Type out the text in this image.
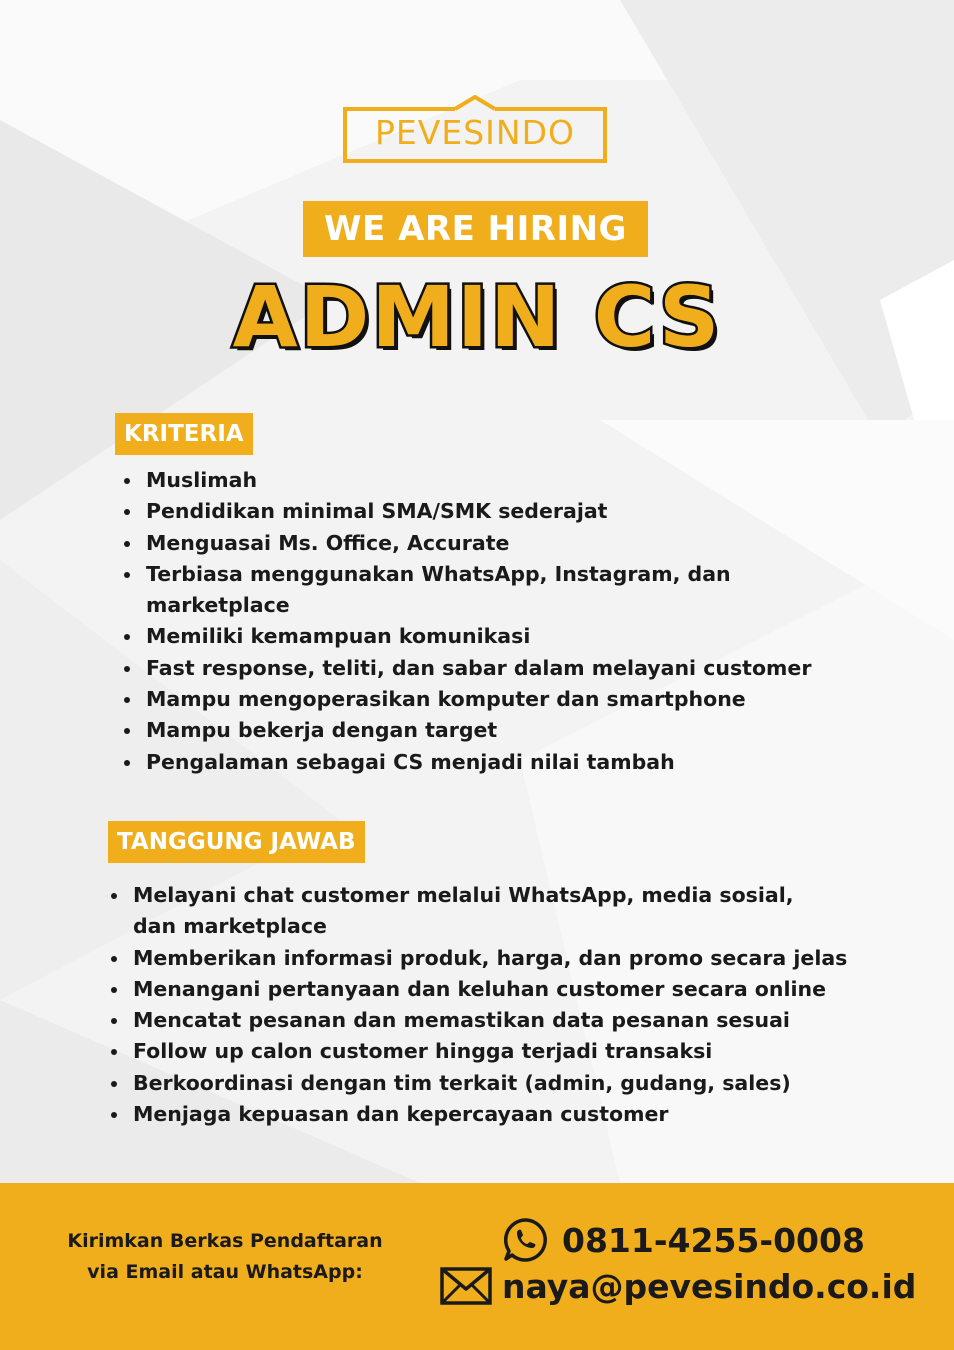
PEVESINDO
WE ARE HIRING
ADMIN CS
KRITERIA
Muslimah
Pendidikan minimal SMA/SMK sederajat
Menguasai Ms. Office, Accurate
Terbiasa menggunakan WhatsApp, Instagram, dan marketplace
Memiliki kemampuan komunikasi
Fast response, teliti, dan sabar dalam melayani customer
Mampu mengoperasikan komputer dan smartphone
Mampu bekerja dengan target
Pengalaman sebagai CS menjadi nilai tambah
TANGGUNG JAWAB
Melayani chat customer melalui WhatsApp, media sosial, dan marketplace
Memberikan informasi produk, harga, dan promo secara jelas
Menangani pertanyaan dan keluhan customer secara online
Mencatat pesanan dan memastikan data pesanan sesuai
Follow up calon customer hingga terjadi transaksi
Berkoordinasi dengan tim terkait (admin, gudang, sales)
Menjaga kepuasan dan kepercayaan customer
Kirimkan Berkas Pendaftaran
via Email atau WhatsApp:
0811-4255-0008
naya@pevesindo.co.id
